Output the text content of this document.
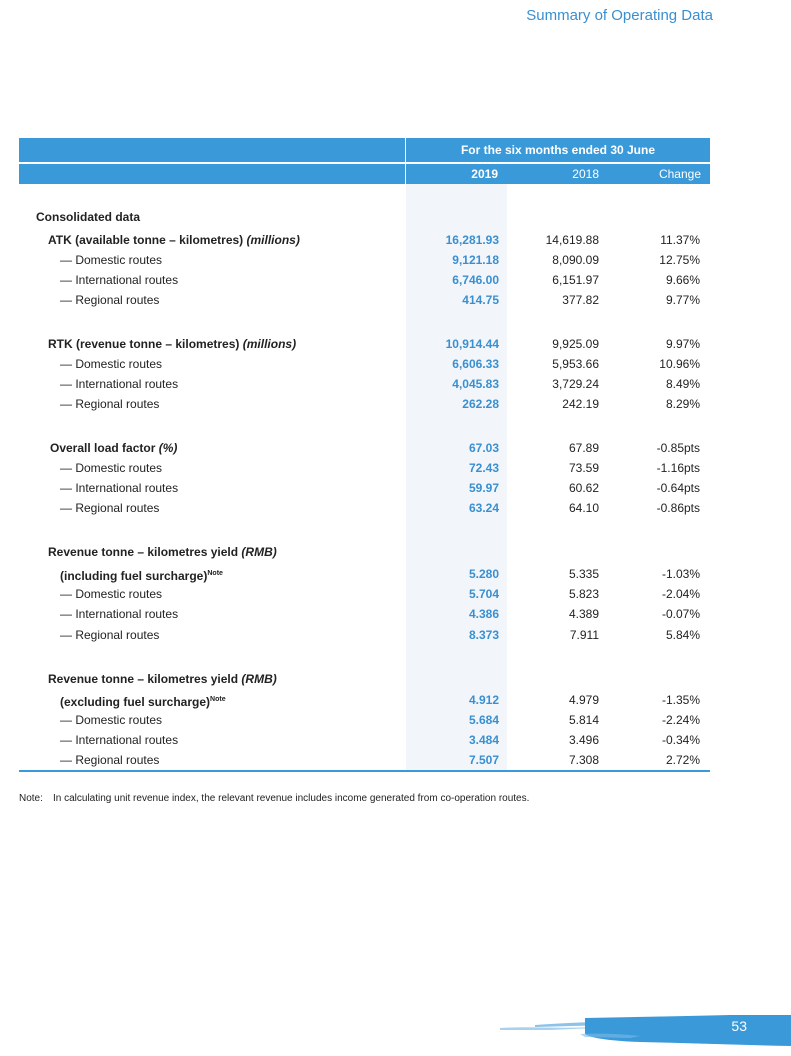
Summary of Operating Data
For the six months ended 30 June
2019	2018	Change
Consolidated data
ATK (available tonne – kilometres) (millions)	16,281.93	14,619.88	11.37%
— Domestic routes	9,121.18	8,090.09	12.75%
— International routes	6,746.00	6,151.97	9.66%
— Regional routes	414.75	377.82	9.77%
RTK (revenue tonne – kilometres) (millions)	10,914.44	9,925.09	9.97%
— Domestic routes	6,606.33	5,953.66	10.96%
— International routes	4,045.83	3,729.24	8.49%
— Regional routes	262.28	242.19	8.29%
Overall load factor (%)	67.03	67.89	-0.85pts
— Domestic routes	72.43	73.59	-1.16pts
— International routes	59.97	60.62	-0.64pts
— Regional routes	63.24	64.10	-0.86pts
Revenue tonne – kilometres yield (RMB)
(including fuel surcharge)$^{Note}$	5.280	5.335	-1.03%
— Domestic routes	5.704	5.823	-2.04%
— International routes	4.386	4.389	-0.07%
— Regional routes	8.373	7.911	5.84%
Revenue tonne – kilometres yield (RMB)
(excluding fuel surcharge)$^{Note}$	4.912	4.979	-1.35%
— Domestic routes	5.684	5.814	-2.24%
— International routes	3.484	3.496	-0.34%
— Regional routes	7.507	7.308	2.72%
Note: In calculating unit revenue index, the relevant revenue includes income generated from co-operation routes.
53
